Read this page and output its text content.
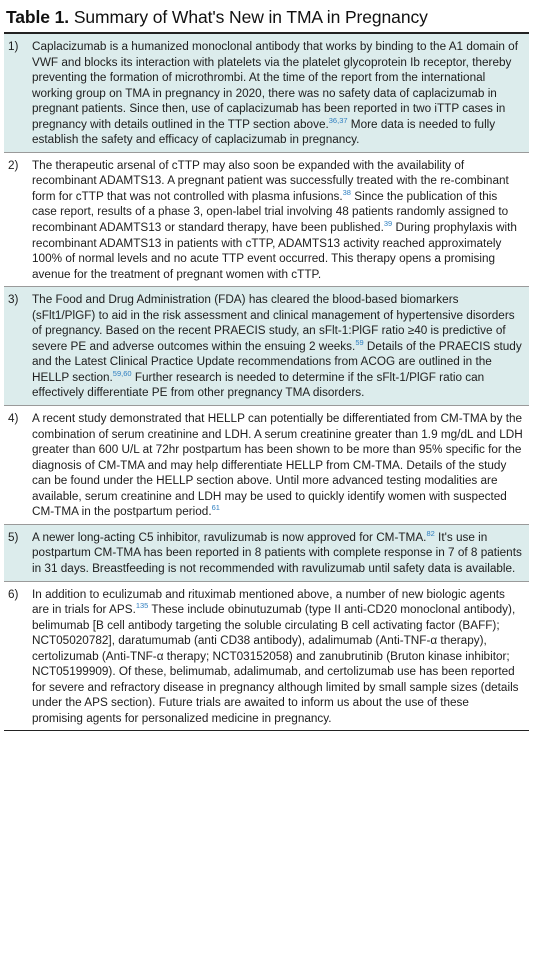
Table 1. Summary of What's New in TMA in Pregnancy
1)	Caplacizumab is a humanized monoclonal antibody that works by binding to the A1 domain of VWF and blocks its interaction with platelets via the platelet glycoprotein Ib receptor, thereby preventing the formation of microthrombi. At the time of the report from the international working group on TMA in pregnancy in 2020, there was no safety data of caplacizumab in pregnant patients. Since then, use of caplacizumab has been reported in two iTTP cases in pregnancy with details outlined in the TTP section above.$^{36,37}$ More data is needed to fully establish the safety and efficacy of caplacizumab in pregnancy.
2)	The therapeutic arsenal of cTTP may also soon be expanded with the availability of recombinant ADAMTS13. A pregnant patient was successfully treated with the re-combinant form for cTTP that was not controlled with plasma infusions.$^{38}$ Since the publication of this case report, results of a phase 3, open-label trial involving 48 patients randomly assigned to recombinant ADAMTS13 or standard therapy, have been published.$^{39}$ During prophylaxis with recombinant ADAMTS13 in patients with cTTP, ADAMTS13 activity reached approximately 100% of normal levels and no acute TTP event occurred. This therapy opens a promising avenue for the treatment of pregnant women with cTTP.
3)	The Food and Drug Administration (FDA) has cleared the blood-based biomarkers (sFlt1/PlGF) to aid in the risk assessment and clinical management of hypertensive disorders of pregnancy. Based on the recent PRAECIS study, an sFlt-1:PlGF ratio ≥40 is predictive of severe PE and adverse outcomes within the ensuing 2 weeks.$^{59}$ Details of the PRAECIS study and the Latest Clinical Practice Update recommendations from ACOG are outlined in the HELLP section.$^{59,60}$ Further research is needed to determine if the sFlt-1/PlGF ratio can effectively differentiate PE from other pregnancy TMA disorders.
4)	A recent study demonstrated that HELLP can potentially be differentiated from CM-TMA by the combination of serum creatinine and LDH. A serum creatinine greater than 1.9 mg/dL and LDH greater than 600 U/L at 72hr postpartum has been shown to be more than 95% specific for the diagnosis of CM-TMA and may help differentiate HELLP from CM-TMA. Details of the study can be found under the HELLP section above. Until more advanced testing modalities are available, serum creatinine and LDH may be used to quickly identify women with suspected CM-TMA in the postpartum period.$^{61}$
5)	A newer long-acting C5 inhibitor, ravulizumab is now approved for CM-TMA.$^{82}$ It's use in postpartum CM-TMA has been reported in 8 patients with complete response in 7 of 8 patients in 31 days. Breastfeeding is not recommended with ravulizumab until safety data is available.
6)	In addition to eculizumab and rituximab mentioned above, a number of new biologic agents are in trials for APS.$^{135}$ These include obinutuzumab (type II anti-CD20 monoclonal antibody), belimumab [B cell antibody targeting the soluble circulating B cell activating factor (BAFF); NCT05020782], daratumumab (anti CD38 antibody), adalimumab (Anti-TNF-α therapy), certolizumab (Anti-TNF-α therapy; NCT03152058) and zanubrutinib (Bruton kinase inhibitor; NCT05199909). Of these, belimumab, adalimumab, and certolizumab use has been reported for severe and refractory disease in pregnancy although limited by small sample sizes (details under the APS section). Future trials are awaited to inform us about the use of these promising agents for personalized medicine in pregnancy.
